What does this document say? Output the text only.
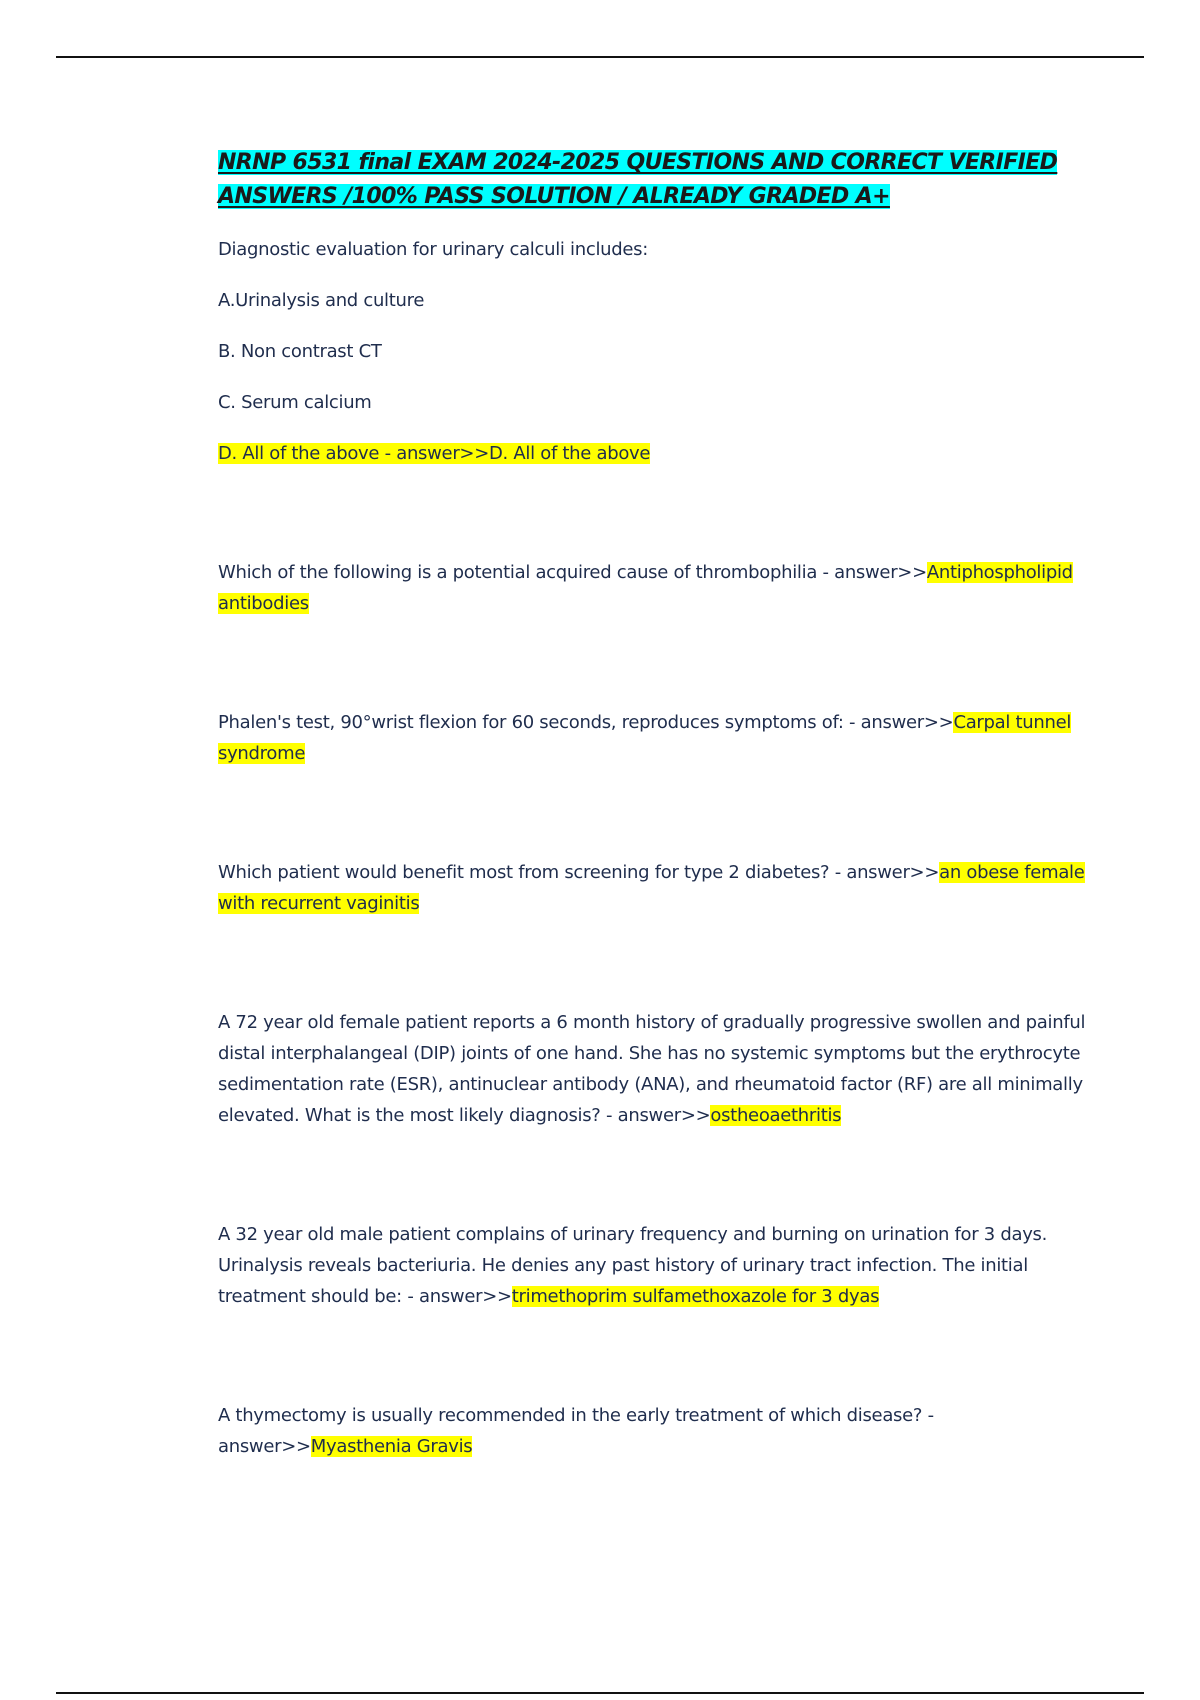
NRNP 6531 final EXAM 2024-2025 QUESTIONS AND CORRECT VERIFIED ANSWERS /100% PASS SOLUTION / ALREADY GRADED A+

Diagnostic evaluation for urinary calculi includes:

A.Urinalysis and culture

B. Non contrast CT

C. Serum calcium

D. All of the above - answer>>D. All of the above

Which of the following is a potential acquired cause of thrombophilia - answer>>Antiphospholipid antibodies

Phalen's test, 90°wrist flexion for 60 seconds, reproduces symptoms of: - answer>>Carpal tunnel syndrome

Which patient would benefit most from screening for type 2 diabetes? - answer>>an obese female with recurrent vaginitis

A 72 year old female patient reports a 6 month history of gradually progressive swollen and painful distal interphalangeal (DIP) joints of one hand. She has no systemic symptoms but the erythrocyte sedimentation rate (ESR), antinuclear antibody (ANA), and rheumatoid factor (RF) are all minimally elevated. What is the most likely diagnosis? - answer>>ostheoaethritis

A 32 year old male patient complains of urinary frequency and burning on urination for 3 days. Urinalysis reveals bacteriuria. He denies any past history of urinary tract infection. The initial treatment should be: - answer>>trimethoprim sulfamethoxazole for 3 dyas

A thymectomy is usually recommended in the early treatment of which disease? - answer>>Myasthenia Gravis
